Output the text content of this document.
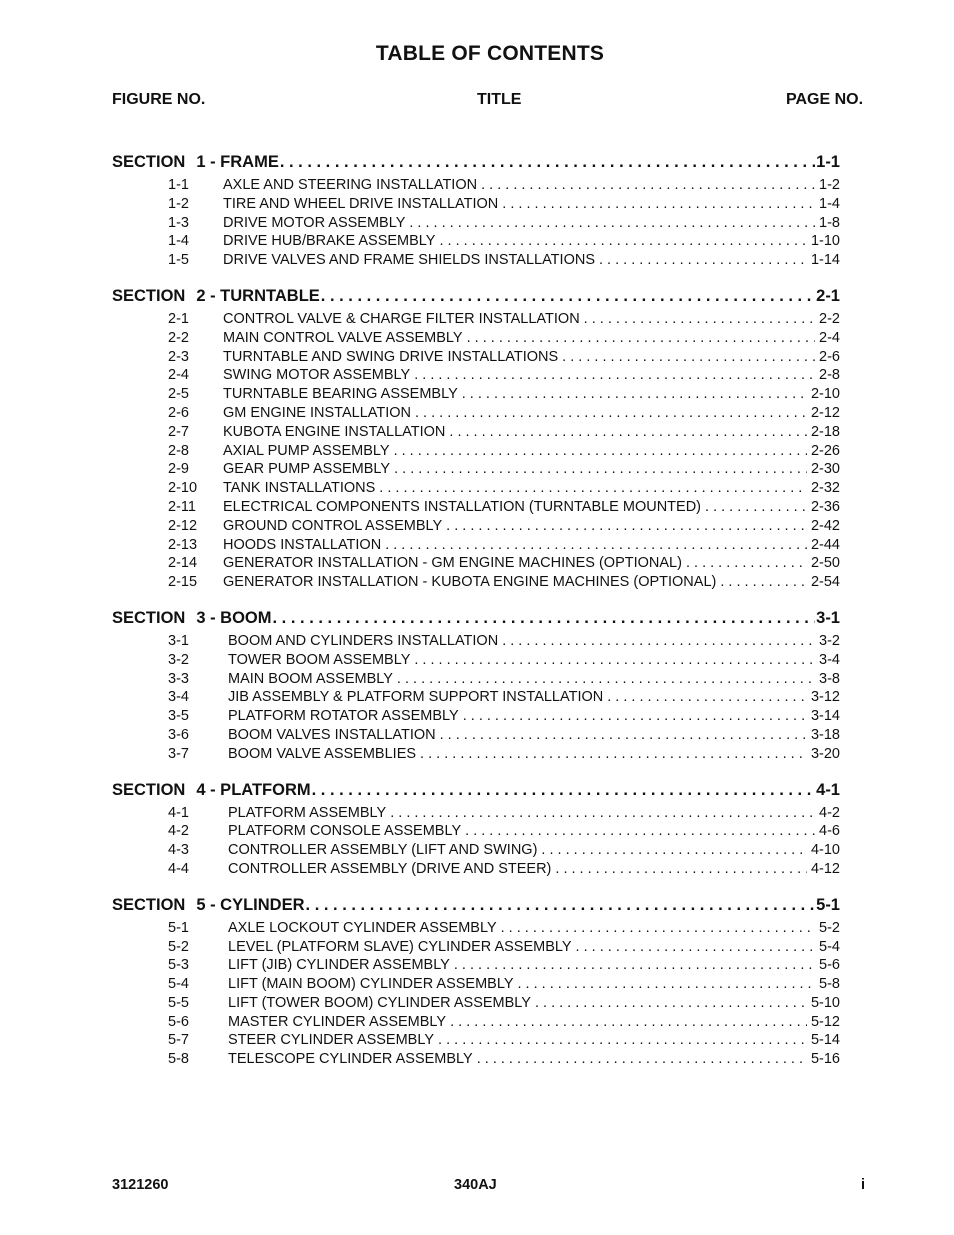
TABLE OF CONTENTS
FIGURE NO.	TITLE	PAGE NO.
SECTION 1 - FRAME . . .	1-1
1-1	AXLE AND STEERING INSTALLATION . . .	1-2
1-2	TIRE AND WHEEL DRIVE INSTALLATION . . .	1-4
1-3	DRIVE MOTOR ASSEMBLY . . .	1-8
1-4	DRIVE HUB/BRAKE ASSEMBLY . . .	1-10
1-5	DRIVE VALVES AND FRAME SHIELDS INSTALLATIONS . . .	1-14
SECTION 2 - TURNTABLE . . .	2-1
2-1	CONTROL VALVE & CHARGE FILTER INSTALLATION . . .	2-2
2-2	MAIN CONTROL VALVE ASSEMBLY . . .	2-4
2-3	TURNTABLE AND SWING DRIVE INSTALLATIONS . . .	2-6
2-4	SWING MOTOR ASSEMBLY . . .	2-8
2-5	TURNTABLE BEARING ASSEMBLY . . .	2-10
2-6	GM ENGINE INSTALLATION . . .	2-12
2-7	KUBOTA ENGINE INSTALLATION . . .	2-18
2-8	AXIAL PUMP ASSEMBLY . . .	2-26
2-9	GEAR PUMP ASSEMBLY . . .	2-30
2-10	TANK INSTALLATIONS . . .	2-32
2-11	ELECTRICAL COMPONENTS INSTALLATION (TURNTABLE MOUNTED) . . .	2-36
2-12	GROUND CONTROL ASSEMBLY . . .	2-42
2-13	HOODS INSTALLATION . . .	2-44
2-14	GENERATOR INSTALLATION - GM ENGINE MACHINES (OPTIONAL) . . .	2-50
2-15	GENERATOR INSTALLATION - KUBOTA ENGINE MACHINES (OPTIONAL) . . .	2-54
SECTION 3 - BOOM . . .	3-1
3-1	BOOM AND CYLINDERS INSTALLATION . . .	3-2
3-2	TOWER BOOM ASSEMBLY . . .	3-4
3-3	MAIN BOOM ASSEMBLY . . .	3-8
3-4	JIB ASSEMBLY & PLATFORM SUPPORT INSTALLATION . . .	3-12
3-5	PLATFORM ROTATOR ASSEMBLY . . .	3-14
3-6	BOOM VALVES INSTALLATION . . .	3-18
3-7	BOOM VALVE ASSEMBLIES . . .	3-20
SECTION 4 - PLATFORM . . .	4-1
4-1	PLATFORM ASSEMBLY . . .	4-2
4-2	PLATFORM CONSOLE ASSEMBLY . . .	4-6
4-3	CONTROLLER ASSEMBLY (LIFT AND SWING) . . .	4-10
4-4	CONTROLLER ASSEMBLY (DRIVE AND STEER) . . .	4-12
SECTION 5 - CYLINDER . . .	5-1
5-1	AXLE LOCKOUT CYLINDER ASSEMBLY . . .	5-2
5-2	LEVEL (PLATFORM SLAVE) CYLINDER ASSEMBLY . . .	5-4
5-3	LIFT (JIB) CYLINDER ASSEMBLY . . .	5-6
5-4	LIFT (MAIN BOOM) CYLINDER ASSEMBLY . . .	5-8
5-5	LIFT (TOWER BOOM) CYLINDER ASSEMBLY . . .	5-10
5-6	MASTER CYLINDER ASSEMBLY . . .	5-12
5-7	STEER CYLINDER ASSEMBLY . . .	5-14
5-8	TELESCOPE CYLINDER ASSEMBLY . . .	5-16
3121260	340AJ	i
